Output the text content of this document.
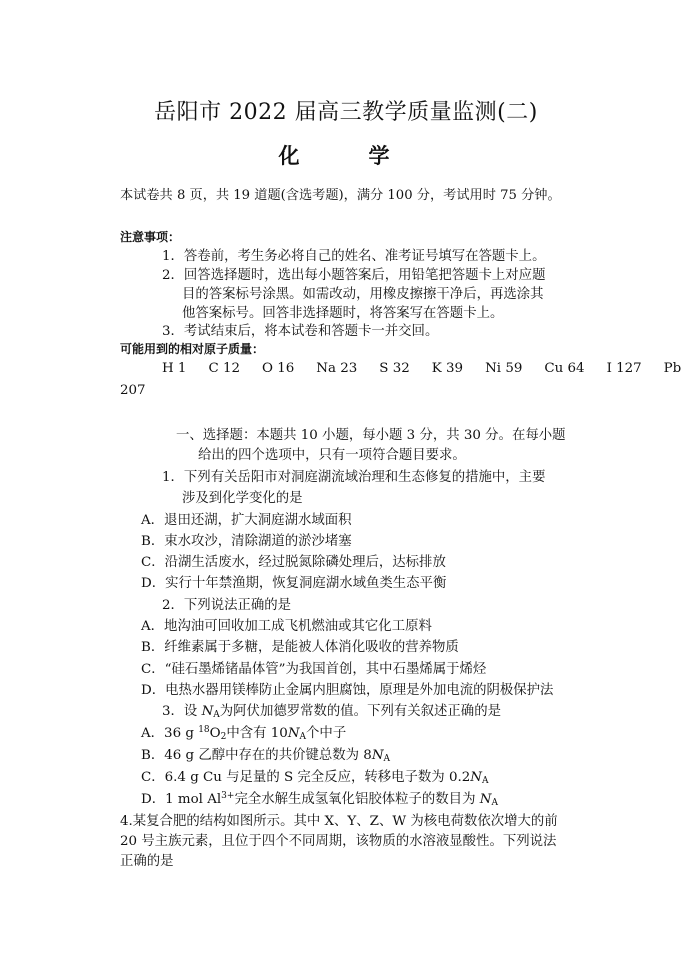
岳阳市 2022 届高三教学质量监测(二)
化　学
本试卷共 8 页，共 19 道题(含选考题)，满分 100 分，考试用时 75 分钟。
注意事项：
1．答卷前，考生务必将自己的姓名、准考证号填写在答题卡上。
2．回答选择题时，选出每小题答案后，用铅笔把答题卡上对应题
目的答案标号涂黑。如需改动，用橡皮擦擦干净后，再选涂其
他答案标号。回答非选择题时，将答案写在答题卡上。
3．考试结束后，将本试卷和答题卡一并交回。
可能用到的相对原子质量：
H 1 C 12 O 16 Na 23 S 32 K 39 Ni 59 Cu 64 I 127 Pb
207
一、选择题：本题共 10 小题，每小题 3 分，共 30 分。在每小题
给出的四个选项中，只有一项符合题目要求。
1．下列有关岳阳市对洞庭湖流域治理和生态修复的措施中，主要
涉及到化学变化的是
A．退田还湖，扩大洞庭湖水域面积
B．束水攻沙，清除湖道的淤沙堵塞
C．沿湖生活废水，经过脱氮除磷处理后，达标排放
D．实行十年禁渔期，恢复洞庭湖水域鱼类生态平衡
2．下列说法正确的是
A．地沟油可回收加工成飞机燃油或其它化工原料
B．纤维素属于多糖，是能被人体消化吸收的营养物质
C．“硅石墨烯锗晶体管”为我国首创，其中石墨烯属于烯烃
D．电热水器用镁棒防止金属内胆腐蚀，原理是外加电流的阴极保护法
3．设 $N_A$为阿伏加德罗常数的值。下列有关叙述正确的是
A．36 g $^{18}O_2$中含有 $10N_A$个中子
B．46 g 乙醇中存在的共价键总数为 $8N_A$
C．6.4 g Cu 与足量的 S 完全反应，转移电子数为 $0.2N_A$
D．1 mol $Al^{3+}$完全水解生成氢氧化铝胶体粒子的数目为 $N_A$
4.某复合肥的结构如图所示。其中 X、Y、Z、W 为核电荷数依次增大的前
20 号主族元素，且位于四个不同周期，该物质的水溶液显酸性。下列说法
正确的是
